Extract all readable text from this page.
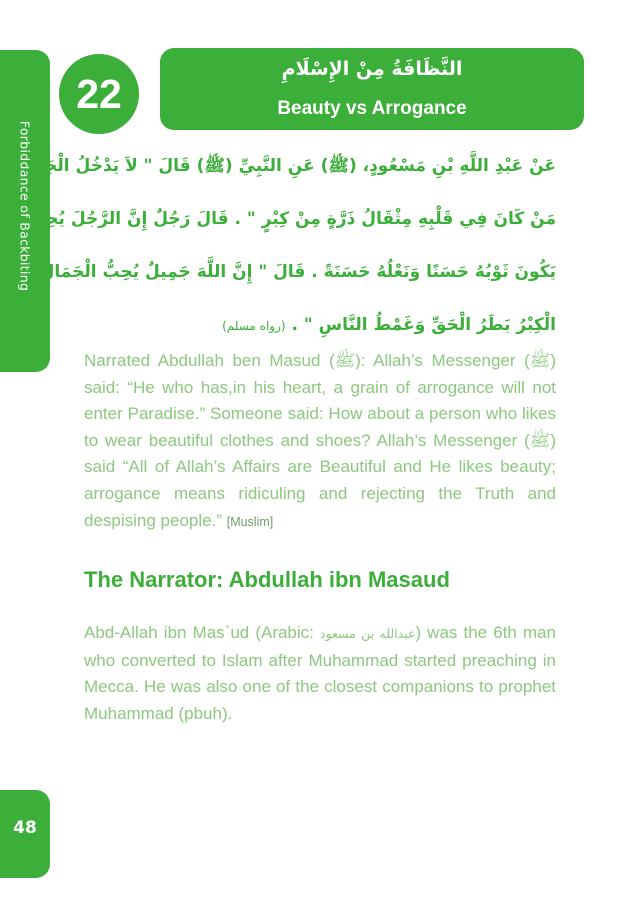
Forbiddance of Backbiting
48
النَّظَافَةُ مِنْ الإِسْلَامِ
Beauty vs Arrogance
22
عَنْ عَبْدِ اللَّهِ بْنِ مَسْعُودٍ، (ﷺ) عَنِ النَّبِيِّ (ﷺ) قَالَ " لاَ يَدْخُلُ الْجَنَّةَ
مَنْ كَانَ فِي قَلْبِهِ مِثْقَالُ ذَرَّةٍ مِنْ كِبْرٍ " . قَالَ رَجُلٌ إِنَّ الرَّجُلَ يُحِبُّ أَنْ
يَكُونَ ثَوْبُهُ حَسَنًا وَنَعْلُهُ حَسَنَةً . قَالَ " إِنَّ اللَّهَ جَمِيلٌ يُحِبُّ الْجَمَالَ
الْكِبْرُ بَطَرُ الْحَقِّ وَغَمْطُ النَّاسِ " . (رواه مسلم)
Narrated Abdullah ben Masud (ﷺ): Allah’s Messenger (ﷺ) said: “He who has,in his heart, a grain of arrogance will not enter Paradise.” Someone said: How about a person who likes to wear beautiful clothes and shoes? Allah’s Messenger (ﷺ) said “All of Allah’s Affairs are Beautiful and He likes beauty; arrogance means ridiculing and rejecting the Truth and despising people.” [Muslim]
The Narrator: Abdullah ibn Masaud
Abd-Allah ibn Mas`ud (Arabic: عبدالله بن مسعود) was the 6th man who converted to Islam after Muhammad started preaching in Mecca. He was also one of the closest companions to prophet Muhammad (pbuh).
